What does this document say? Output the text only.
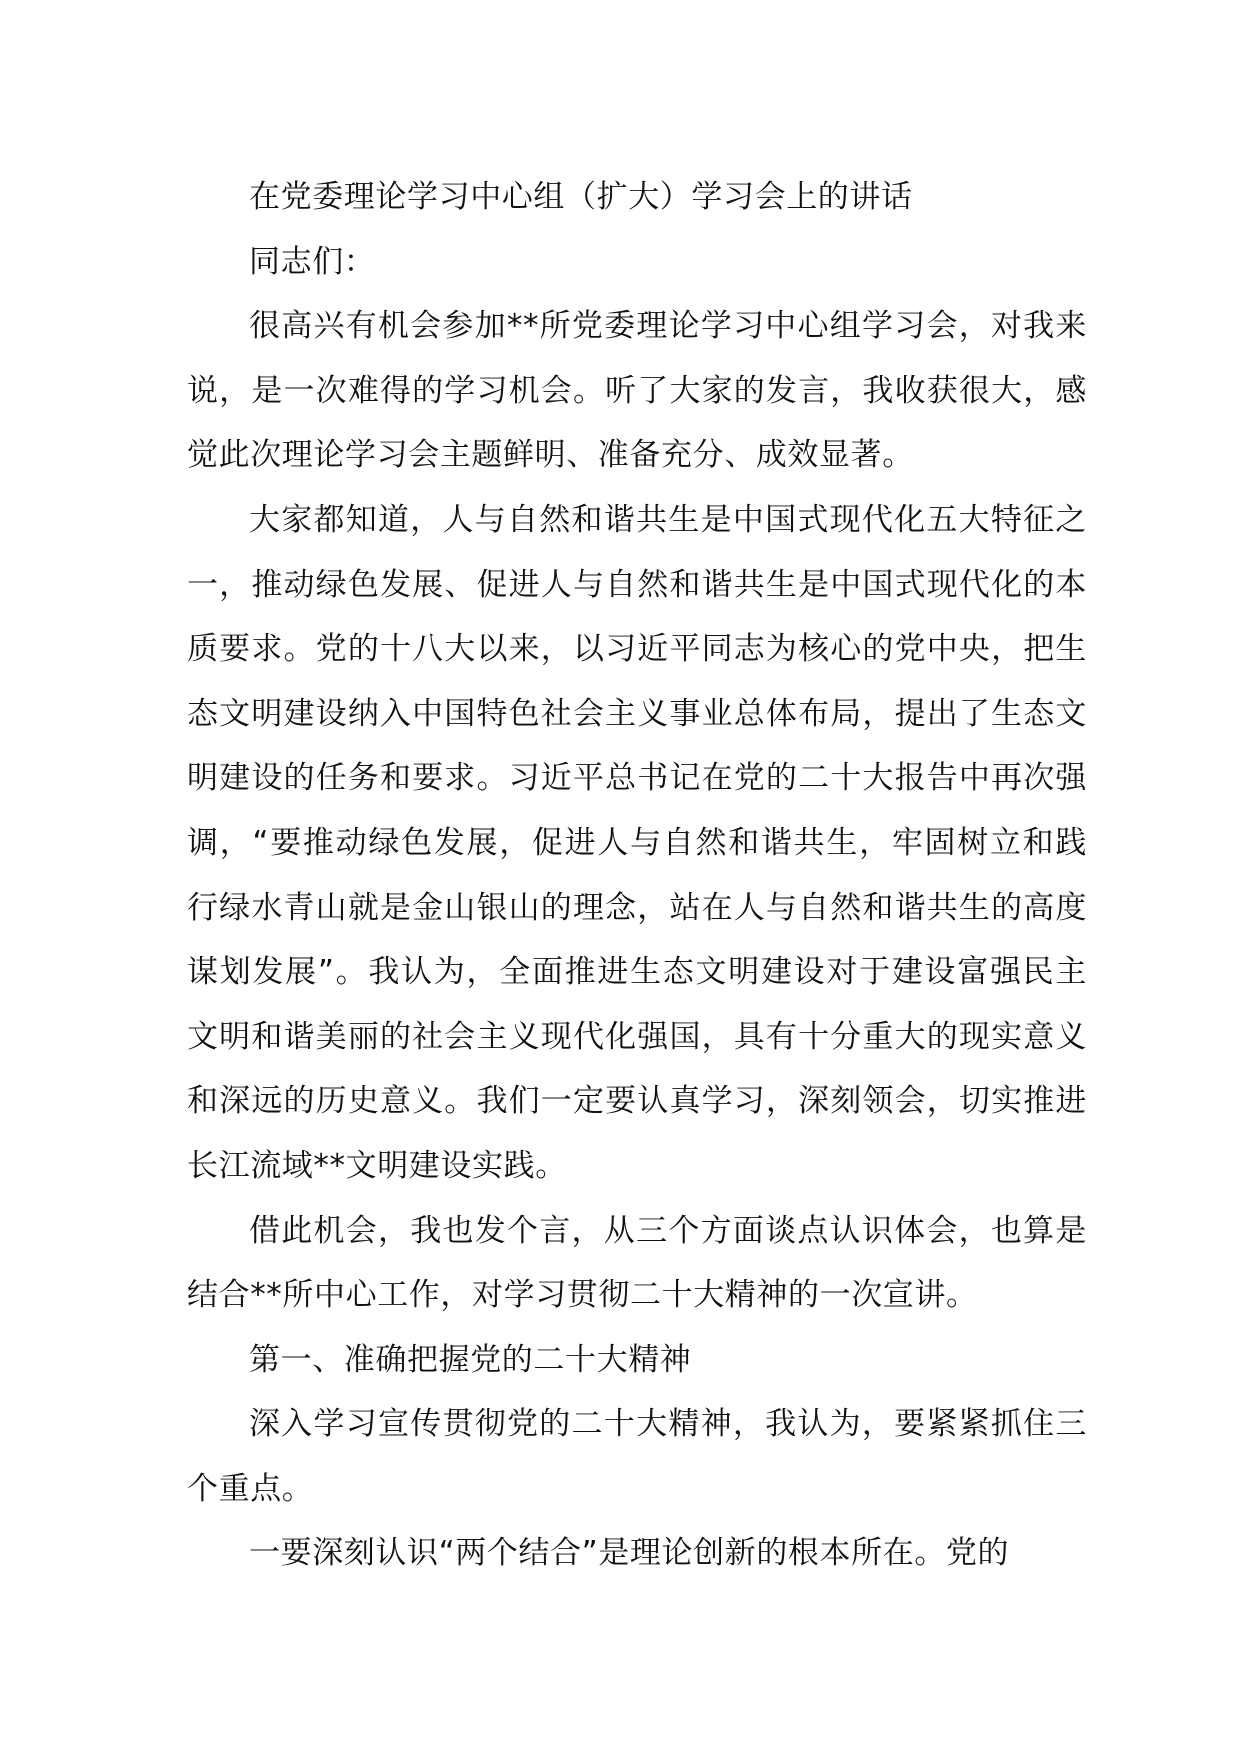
在党委理论学习中心组（扩大）学习会上的讲话

同志们：

很高兴有机会参加**所党委理论学习中心组学习会，对我来说，是一次难得的学习机会。听了大家的发言，我收获很大，感觉此次理论学习会主题鲜明、准备充分、成效显著。

大家都知道，人与自然和谐共生是中国式现代化五大特征之一，推动绿色发展、促进人与自然和谐共生是中国式现代化的本质要求。党的十八大以来，以习近平同志为核心的党中央，把生态文明建设纳入中国特色社会主义事业总体布局，提出了生态文明建设的任务和要求。习近平总书记在党的二十大报告中再次强调，“要推动绿色发展，促进人与自然和谐共生，牢固树立和践行绿水青山就是金山银山的理念，站在人与自然和谐共生的高度谋划发展”。我认为，全面推进生态文明建设对于建设富强民主文明和谐美丽的社会主义现代化强国，具有十分重大的现实意义和深远的历史意义。我们一定要认真学习，深刻领会，切实推进长江流域**文明建设实践。

借此机会，我也发个言，从三个方面谈点认识体会，也算是结合**所中心工作，对学习贯彻二十大精神的一次宣讲。

第一、准确把握党的二十大精神

深入学习宣传贯彻党的二十大精神，我认为，要紧紧抓住三个重点。

一要深刻认识“两个结合”是理论创新的根本所在。党的
